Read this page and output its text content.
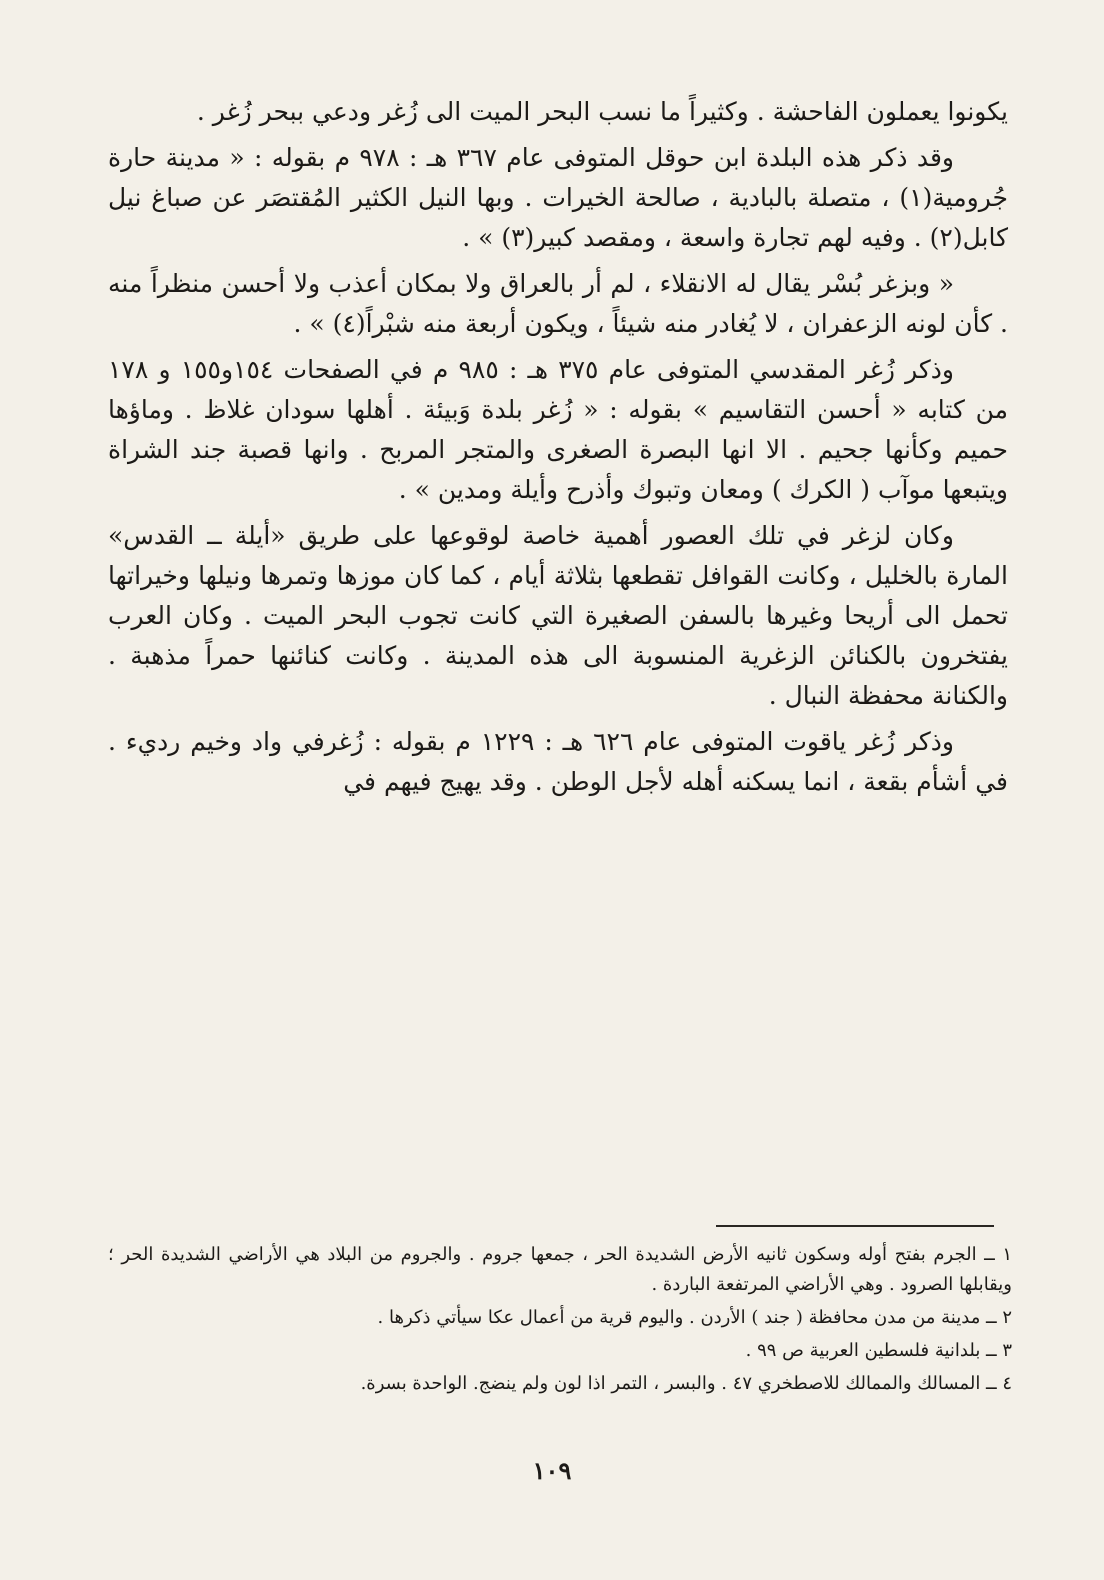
يكونوا يعملون الفاحشة . وكثيراً ما نسب البحر الميت الى زُغر ودعي ببحر زُغر .

وقد ذكر هذه البلدة ابن حوقل المتوفى عام ٣٦٧ هـ : ٩٧٨ م بقوله : « مدينة حارة جُرومية(١) ، متصلة بالبادية ، صالحة الخيرات . وبها النيل الكثير المُقتصَر عن صباغ نيل كابل(٢) . وفيه لهم تجارة واسعة ، ومقصد كبير(٣) » .

« وبزغر بُسْر يقال له الانقلاء ، لم أر بالعراق ولا بمكان أعذب ولا أحسن منظراً منه . كأن لونه الزعفران ، لا يُغادر منه شيئاً ، ويكون أربعة منه شبْراً(٤) » .

وذكر زُغر المقدسي المتوفى عام ٣٧٥ هـ : ٩٨٥ م في الصفحات ١٥٤و١٥٥ و ١٧٨ من كتابه « أحسن التقاسيم » بقوله : « زُغر بلدة وَبيئة . أهلها سودان غلاظ . وماؤها حميم وكأنها جحيم . الا انها البصرة الصغرى والمتجر المربح . وانها قصبة جند الشراة ويتبعها موآب ( الكرك ) ومعان وتبوك وأذرح وأيلة ومدين » .

وكان لزغر في تلك العصور أهمية خاصة لوقوعها على طريق «أيلة ــ القدس» المارة بالخليل ، وكانت القوافل تقطعها بثلاثة أيام ، كما كان موزها وتمرها ونيلها وخيراتها تحمل الى أريحا وغيرها بالسفن الصغيرة التي كانت تجوب البحر الميت . وكان العرب يفتخرون بالكنائن الزغرية المنسوبة الى هذه المدينة . وكانت كنائنها حمراً مذهبة . والكنانة محفظة النبال .

وذكر زُغر ياقوت المتوفى عام ٦٢٦ هـ : ١٢٢٩ م بقوله : زُغرفي واد وخيم رديء . في أشأم بقعة ، انما يسكنه أهله لأجل الوطن . وقد يهيج فيهم في

١ ــ الجرم بفتح أوله وسكون ثانيه الأرض الشديدة الحر ، جمعها جروم . والجروم من البلاد هي الأراضي الشديدة الحر ؛ ويقابلها الصرود . وهي الأراضي المرتفعة الباردة .

٢ ــ مدينة من مدن محافظة ( جند ) الأردن . واليوم قرية من أعمال عكا سيأتي ذكرها .

٣ ــ بلدانية فلسطين العربية ص ٩٩ .

٤ ــ المسالك والممالك للاصطخري ٤٧ . والبسر ، التمر اذا لون ولم ينضج. الواحدة بسرة.

١٠٩
